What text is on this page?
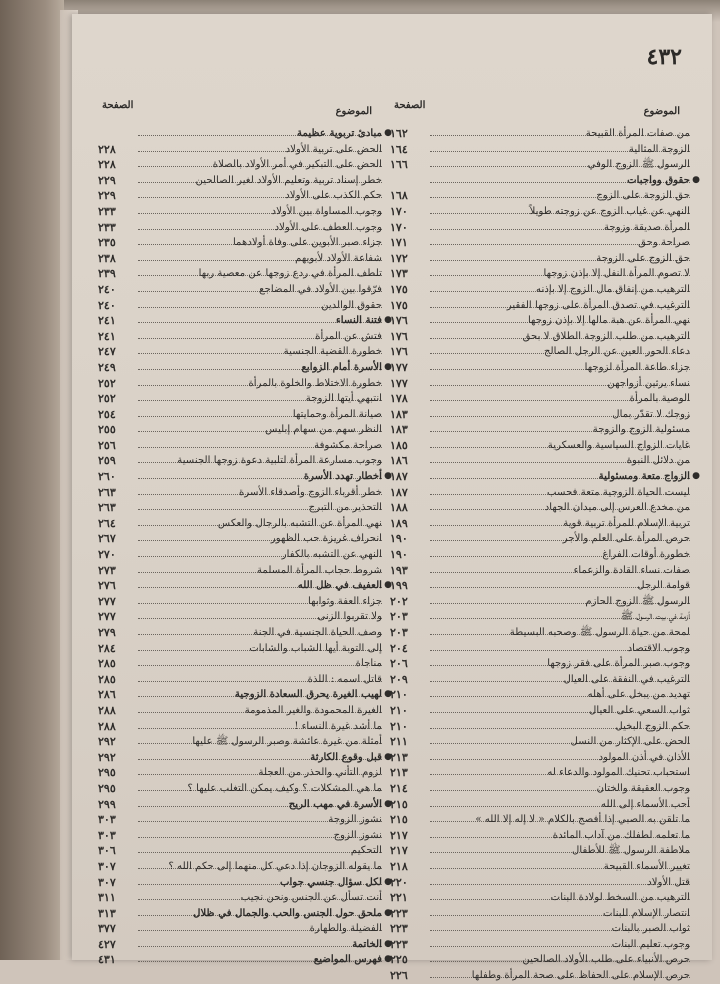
٤٣٢
الموضوع
الصفحة
من صفات المرأة القبيحة
١٦٢
الزوجة المثالية
١٦٤
الرسول ﷺ الزوج الوفي
١٦٦
●
حقوق وواجبات
حق الزوجة على الزوج
١٦٨
النهي عن غياب الزوج عن زوجته طويلاً
١٧٠
المرأة صديقة وزوجة
١٧٠
صراحة وحق
١٧١
حق الزوج على الزوجة
١٧٢
لا تصوم المرأة النفل إلا بإذن زوجها
١٧٣
الترهيب من إنفاق مال الزوج إلا بإذنه
١٧٥
الترغيب في تصدق المرأة على زوجها الفقير
١٧٥
نهي المرأة عن هبة مالها إلا بإذن زوجها
١٧٦
الترهيب من طلب الزوجة الطلاق لا بحق
١٧٦
دعاء الحور العين عن الرجل الصالح
١٧٦
جزاء طاعة المرأة لزوجها
١٧٧
نساء يرثين أزواجهن
١٧٧
الوصية بالمرأة
١٧٨
زوجك لا تقدّر بمال
١٨٣
مسئولية الزوج والزوجة
١٨٣
غايات الزواج السياسية والعسكرية
١٨٥
من دلائل النبوة
١٨٦
●
الزواج متعة ومسئولية
١٨٧
ليست الحياة الزوجية متعة فحسب
١٨٧
من مخدع العرس إلى ميدان الجهاد
١٨٨
تربية الإسلام للمرأة تربية قوية
١٨٩
حرص المرأة على العلم والأجر
١٩٠
خطورة أوقات الفراغ
١٩٠
صفات نساء القادة والزعماء
١٩٣
قوامة الرجل
١٩٩
الرسول ﷺ الزوج الحازم
٢٠٢
أزمة في بيت الرسول ﷺ
٢٠٣
لمحة من حياة الرسول ﷺ وصحبه البسيطة
٢٠٣
وجوب الاقتصاد
٢٠٤
وجوب صبر المرأة على فقر زوجها
٢٠٦
الترغيب في النفقة على العيال
٢٠٩
تهديد من يبخل على أهله
٢١٠
ثواب السعي على العيال
٢١٠
حكم الزوج البخيل
٢١٠
الحض على الإكثار من النسل
٢١١
الأذان في أذن المولود
٢١٣
استحباب تحنيك المولود والدعاء له
٢١٣
وجوب العقيقة والختان
٢١٤
أحب الأسماء إلى الله
٢١٥
ما تلقن به الصبي إذا أفصح بالكلام « لا إله إلا الله »
٢١٥
ما تعلمه لطفلك من آداب المائدة
٢١٧
ملاطفة الرسول ﷺ للأطفال
٢١٧
تغيير الأسماء القبيحة
٢١٨
قتل الأولاد
٢٢٠
الترهيب من السخط لولادة البنات
٢٢١
انتصار الإسلام للبنات
٢٢٣
ثواب الصبر بالبنات
٢٢٣
وجوب تعليم البنات
٢٢٣
حرص الأنبياء على طلب الأولاد الصالحين
٢٢٥
حرص الإسلام على الحفاظ على صحة المرأة وطفلها
٢٢٦
الموضوع
الصفحة
●
مبادئ تربوية عظيمة
الحض على تربية الأولاد
٢٢٨
الحض على التبكير في أمر الأولاد بالصلاة
٢٢٨
خطر إسناد تربية وتعليم الأولاد لغير الصالحين
٢٢٩
حكم الكذب على الأولاد
٢٢٩
وجوب المساواة بين الأولاد
٢٣٣
وجوب العطف على الأولاد
٢٣٣
جزاء صبر الأبوين على وفاة أولادهما
٢٣٥
شفاعة الأولاد لأبويهم
٢٣٨
تلطف المرأة في ردع زوجها عن معصية ربها
٢٣٩
فرّقوا بين الأولاد في المضاجع
٢٤٠
حقوق الوالدين
٢٤٠
●
فتنة النساء
٢٤١
فتش عن المرأة
٢٤١
خطورة القضية الجنسية
٢٤٧
●
الأسرة أمام الزوابع
٢٤٩
خطورة الاختلاط والخلوة بالمرأة
٢٥٢
انتبهي أيتها الزوجة
٢٥٢
صيانة المرأة وحمايتها
٢٥٤
النظر سهم من سهام إبليس
٢٥٥
صراحة مكشوفة
٢٥٦
وجوب مسارعة المرأة لتلبية دعوة زوجها الجنسية
٢٥٩
●
أخطار تهدد الأسرة
٢٦٠
خطر أقرباء الزوج وأصدقاء الأسرة
٢٦٣
التحذير من التبرج
٢٦٣
نهي المرأة عن التشبه بالرجال والعكس
٢٦٤
انحراف غريزة حب الظهور
٢٦٧
النهي عن التشبه بالكفار
٢٧٠
شروط حجاب المرأة المسلمة
٢٧٣
●
العفيف في ظل الله
٢٧٦
جزاء العفة وثوابها
٢٧٧
ولا تقربوا الزنى
٢٧٧
وصف الحياة الجنسية في الجنة
٢٧٩
إلى التوبة أيها الشباب والشابات
٢٨٤
مناجاة
٢٨٥
قاتل اسمه : اللذة
٢٨٥
●
لهيب الغيرة يحرق السعادة الزوجية
٢٨٦
الغيرة المحمودة والغير المذمومة
٢٨٨
ما أشد غيرة النساء !
٢٨٨
أمثلة من غيرة عائشة وصبر الرسول ﷺ عليها
٢٩٢
●
قبل وقوع الكارثة
٢٩٢
لزوم التأني والحذر من العجلة
٢٩٥
ما هي المشكلات ؟ وكيف يمكن التغلب عليها ؟
٢٩٥
●
الأسرة في مهب الريح
٢٩٩
نشوز الزوجة
٣٠٣
نشوز الزوج
٣٠٣
التحكيم
٣٠٦
ما يقوله الزوجان إذا دعي كل منهما إلى حكم الله ؟
٣٠٧
●
لكل سؤال جنسي جواب
٣٠٧
أنت تسأل عن الجنس ونحن نجيب
٣١١
●
ملحق حول الجنس والحب والجمال في ظلال
٣١٣
الفضيلة والطهارة
٣٧٧
●
الخاتمة
٤٢٧
●
فهرس المواضيع
٤٣١
